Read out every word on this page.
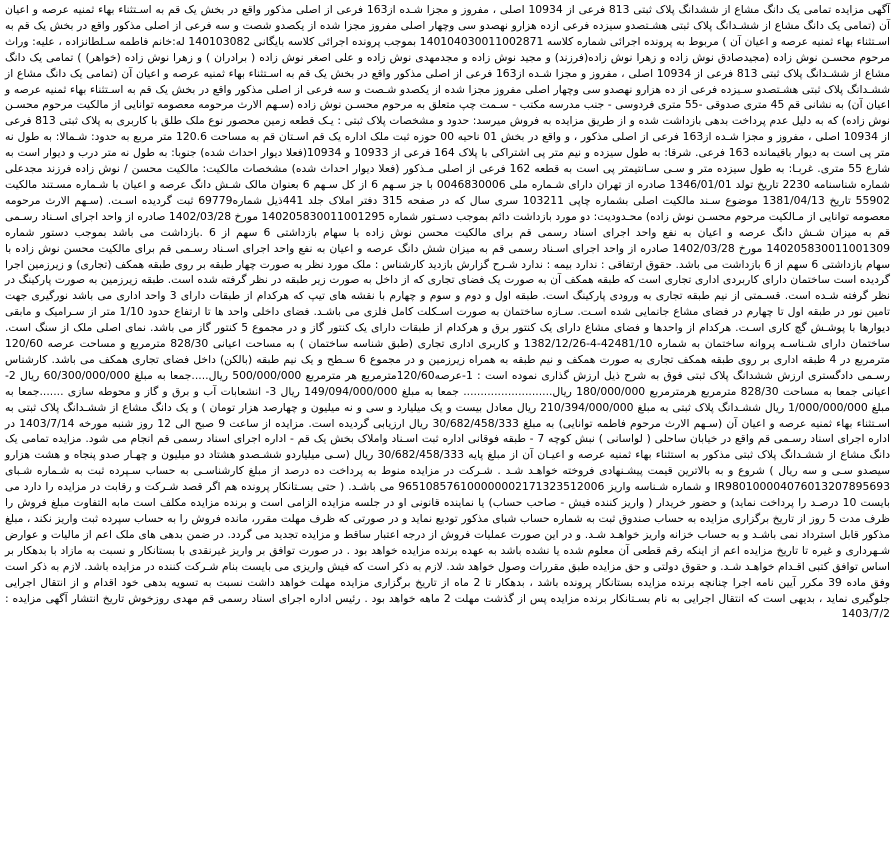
آگهی مزایده تمامی یک دانگ مشاع از ششدانگ پلاک ثبتی 813 فرعی از 10934 اصلی ، مفروز و مجزا شـده از163 فرعی از اصلی مذکور واقع در بخش یک قم به اسـتثناء بهاء ثمنیه عرصه و اعیان آن (تمامی یک دانگ مشاع از ششـدانگ پلاک ثبتی هشـتصدو سیزده فرعی ازده هزارو نهصدو سی وچهار اصلی مفروز مجزا شده از یکصدو شصت و سه فرعی از اصلی مذکور واقع در بخش یک قم به اسـتثناء بهاء ثمنیه عرصه و اعیان آن ) مربوط به پرونده اجرائی شماره کلاسه 140104030011002871 بموجب پرونده اجرائی کلاسه بایگانی 140103082 له:خانم فاطمه سـلطانزاده ، علیه: وراث مرحوم محسـن نوش زاده (مجیدصادق نوش زاده و زهرا نوش زاده(فرزند) و مجید نوش زاده و مجدمهدی نوش زاده و علی اصغر نوش زاده ( برادران ) و زهرا نوش زاده (خواهر) ) تمامی یک دانگ مشاع از ششـدانگ پلاک ثبتی 813 فرعی از 10934 اصلی ، مفروز و مجزا شـده از163 فرعی از اصلی مذکور واقع در بخش یک قم به اسـتثناء بهاء ثمنیه عرصه و اعیان آن (تمامی یک دانگ مشاع از ششـدانگ پلاک ثبتی هشـتصدو سـیزده فرعی از ده هزارو نهصدو سی وچهار اصلی مفروز مجزا شده از یکصدو شـصت و سه فرعی از اصلی مذکور واقع در بخش یک قم به اسـتثناء بهاء ثمنیه عرصه و اعیان آن) به نشانی قم 45 متری صدوقی -55 متری فردوسی - جنب مدرسه مکتب - سـمت چپ متعلق به مرحوم محسـن نوش زاده (سـهم الارث مرحومه معصومه توانایی از مالکیت مرحوم محسـن نوش زاده) که به دلیل عدم پرداخت بدهی بازداشت شده و از طریق مزایده به فروش میرسد: حدود و مشخصات پلاک ثبتی : یـک قطعه زمین محصور نوع ملک طلق با کاربری به پلاک ثبتی 813 فرعی از 10934 اصلی ، مفروز و مجزا شـده از163 فرعی از اصلی مذکور ، و واقع در بخش 01 ناحیه 00 حوزه ثبت ملک اداره یک قم اسـتان قم به مساحت 120.6 متر مربع به حدود: شـمالا: به طول نه متر پی است به دیوار باقیمانده 163 فرعی. شرقا: به طول سیزده و نیم متر پی اشتراکی با پلاک 164 فرعی از 10933 و 10934(فعلا دیوار احداث شده) جنوبا: به طول نه متر درب و دیوار است به شارع 55 متری. غربـا: به طول سیزده متر و سـی سـانتیمتر پی است به قطعه 162 فرعی از اصلی مـذکور (فعلا دیوار احداث شده) مشخصات مالکیت: مالکیت محسن / نوش زاده فرزند مجدعلی شماره شناسنامه 2230 تاریخ تولد 1346/01/01 صادره از تهران دارای شـماره ملی 0046830006 با جز سـهم 6 از کل سـهم 6 بعنوان مالک شـش دانگ عرصه و اعیان با شـماره مسـتند مالکیت 55902 تاریخ 1381/04/13 موضوع سـند مالکیت اصلی بشماره چاپی 103211 سری سال که در صفحه 315 دفتر املاک جلد 441ذیل شماره69779 ثبت گردیده اسـت. (سـهم الارث مرحومه معصومه توانایی از مـالکیت مرحوم محسـن نوش زاده) محـدودیت: دو مورد بازداشت دائم بموجب دسـتور شماره 140205830011001295 مورخ 1402/03/28 صادره از واحد اجرای اسـناد رسـمی قم به میزان شـش دانگ عرصه و اعیان به نفع واحد اجرای اسناد رسمی قم برای مالکیت محسن نوش زاده با سهام بازداشتی 6 سهم از 6 .بازداشت می باشد بموجب دستور شماره 140205830011001309 مورخ 1402/03/28 صادره از واحد اجرای اسـناد رسمی قم به میزان شش دانگ عرصه و اعیان به نفع واحد اجرای اسـناد رسـمی قم برای مالکیت محسن نوش زاده با سهام بازداشتی 6 سهم از 6 بازداشت می باشد. حقوق ارتفاقی : ندارد بیمه : ندارد شـرح گزارش بازدید کارشناس : ملک مورد نظر به صورت چهار طبقه بر روی طبقه همکف (تجاری) و زیرزمین اجرا گردیده است ساختمان دارای کاربردی اداری تجاری است که طبقه همکف آن به صورت یک فضای تجاری که از داخل به صورت زیر طبقه در نظر گرفته شده است. طبقه زیرزمین به صورت پارکینگ در نظر گرفته شـده است. قسـمتی از نیم طبقه تجاری به ورودی پارکینگ است. طبقه اول و دوم و سوم و چهارم با نقشه های تیپ که هرکدام از طبقات دارای 3 واحد اداری می باشد نورگیری جهت تامین نور در طبقه اول تا چهارم در فضای مشاع جانمایی شده اسـت. سـازه ساختمان به صورت اسـکلت کامل فلزی می باشـد. فضای داخلی واحد ها تا ارتفاع حدود 1/10 متر از سـرامیک و مابقی دیوارها با پوشـش گچ کاری اسـت. هرکدام از واحدها و فضای مشاع دارای یک کنتور برق و هرکدام از طبقات دارای یک کنتور گاز و در مجموع 5 کنتور گاز می باشد. نمای اصلی ملک از سنگ است. ساختمان دارای شـناسـه پروانه ساختمان به شماره 42481/10-4-1382/12/26 و کاربری اداری تجاری (طبق شناسه ساختمان ) به مساحت اعیانی 828/30 مترمربع و مساحت عرصه 120/60 مترمربع در 4 طبقه اداری بر روی طبقه همکف تجاری به صورت همکف و نیم طبقه به همراه زیرزمین و در مجموع 6 سـطح و یک نیم طبقه (بالکن) داخل فضای تجاری همکف می باشد. کارشناس رسـمی دادگستری ارزش ششدانگ پلاک ثبتی فوق به شرح ذیل ارزش گذاری نموده است : 1-عرصه120/60مترمربع هر مترمربع 500/000/000 ریال.....جمعا به مبلغ 60/300/000/000 ریال 2-اعیانی جمعا به مساحت 828/30 مترمربع هرمترمربع 180/000/000 ریال.......................... جمعا به مبلغ 149/094/000/000 ریال 3- انشعابات آب و برق و گاز و محوطه سازی .......جمعا به مبلغ 1/000/000/000 ریال ششـدانگ پلاک ثبتی به مبلغ 210/394/000/000 ریال معادل بیست و یک میلیارد و سی و نه میلیون و چهارصد هزار تومان ) و یک دانگ مشاع از ششـدانگ پلاک ثبتی به اسـتثناء بهاء ثمنیه عرصه و اعیان آن (سـهم الارث مرحوم فاطمه توانایی) به مبلغ 30/682/458/333 ریال ارزیابی گردیده است. مزایده از ساعت 9 صبح الی 12 روز شنبه مورخه 1403/7/14 در اداره اجرای اسناد رسـمی قم واقع در خیابان ساحلی ( لواسانی ) نبش کوچه 7 - طبقه فوقانی اداره ثبت اسـناد واملاک بخش یک قم - اداره اجرای اسناد رسمی قم انجام می شود. مزایده تمامی یک دانگ مشاع از ششـدانگ پلاک ثبتی مذکور به استثناء بهاء ثمنیه عرصه و اعیـان آن از مبلغ پایه 30/682/458/333 ریال (سـی میلیاردو ششـصدو هشتاد دو میلیون و چهـار صدو پنجاه و هشت هزارو سیصدو سـی و سه ریال ) شروع و به بالاترین قیمت پیشـنهادی فروخته خواهـد شـد . شـرکت در مزایده منوط به پرداخت ده درصد از مبلغ کارشناسـی به حساب سـپرده ثبت به شـماره شـبای IR980100004076013207895693 و شماره شـناسه واریز 965108576100000002171323512006 می باشـد. ( حتی بسـتانکار پرونده هم اگر قصد شـرکت و رقابت در مزایده را دارد می بایست 10 درصـد را پرداخت نماید) و حضور خریدار ( واریز کننده فیش - صاحب حساب) یا نماینده قانونی او در جلسه مزایده الزامی است و برنده مزایده مکلف است مابه التفاوت مبلغ فروش را ظرف مدت 5 روز از تاریخ برگزاری مزایده به حساب صندوق ثبت به شماره حساب شبای مذکور تودیع نماید و در صورتی که ظرف مهلت مقرر، مانده فروش را به حساب سپرده ثبت واریز نکند ، مبلغ مذکور قابل استرداد نمی باشـد و به حساب خزانه واریز خواهـد شـد. و در این صورت عملیات فروش از درجه اعتبار ساقط و مزایده تجدید می گردد. در ضمن بدهی های ملک اعم از مالیات و عوارض شـهرداری و غیره تا تاریخ مزایده اعم از اینکه رقم قطعی آن معلوم شده یا نشده باشد به عهده برنده مزایده خواهد بود . در صورت توافق بر واریز غیرنقدی با بستانکار و نسبت به مازاد با بدهکار بر اساس توافق کتبی اقـدام خواهـد شـد. و حقوق دولتی و حق مزایده طبق مقررات وصول خواهد شد. لازم به ذکر است که فیش واریزی می بایست بنام شـرکت کننده در مزایده باشد. لازم به ذکر است وفق ماده 39 مکرر آیین نامه اجرا چنانچه برنده مزایده بستانکار پرونده باشد ، بدهکار تا 2 ماه از تاریخ برگزاری مزایده مهلت خواهد داشت نسبت به تسویه بدهی خود اقدام و از انتقال اجرایی جلوگیری نماید ، بدیهی است که انتقال اجرایی به نام بسـتانکار برنده مزایده پس از گذشت مهلت 2 ماهه خواهد بود . رئیس اداره اجرای اسناد رسمی قم مهدی روزخوش تاریخ انتشار آگهی مزایده : 1403/7/2
